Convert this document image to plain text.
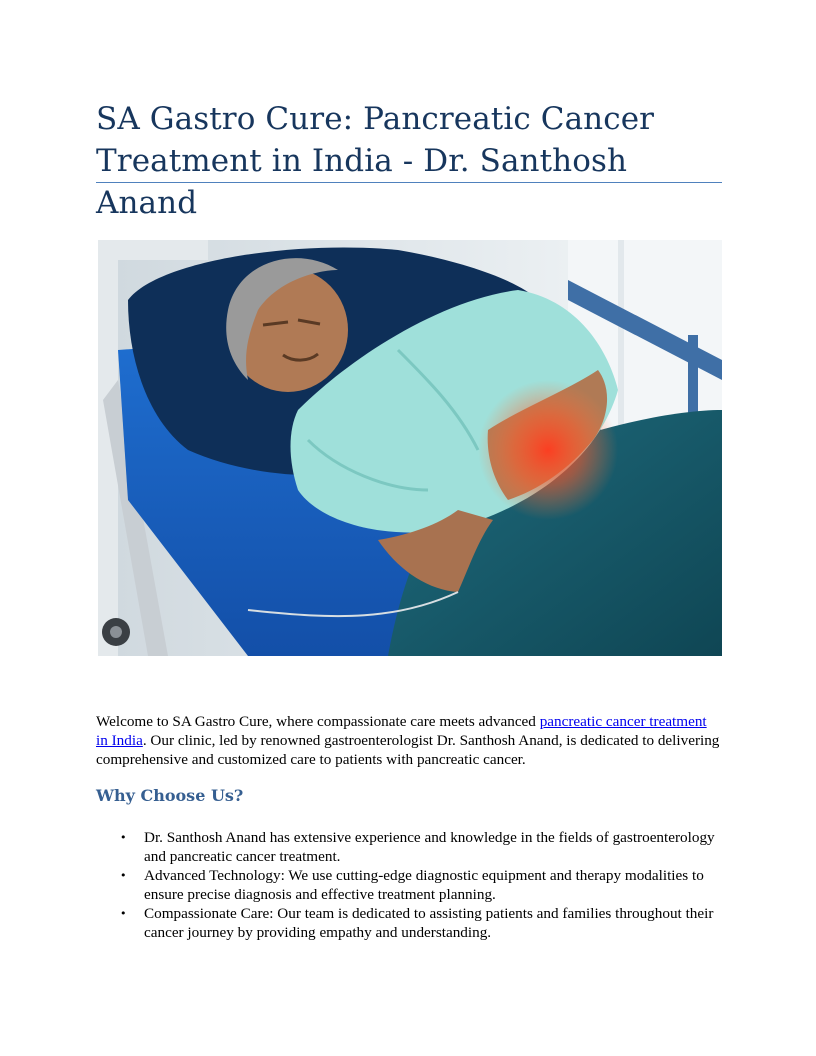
SA Gastro Cure: Pancreatic Cancer Treatment in India - Dr. Santhosh Anand

Welcome to SA Gastro Cure, where compassionate care meets advanced pancreatic cancer treatment in India. Our clinic, led by renowned gastroenterologist Dr. Santhosh Anand, is dedicated to delivering comprehensive and customized care to patients with pancreatic cancer.

Why Choose Us?
• Dr. Santhosh Anand has extensive experience and knowledge in the fields of gastroenterology and pancreatic cancer treatment.
• Advanced Technology: We use cutting-edge diagnostic equipment and therapy modalities to ensure precise diagnosis and effective treatment planning.
• Compassionate Care: Our team is dedicated to assisting patients and families throughout their cancer journey by providing empathy and understanding.
